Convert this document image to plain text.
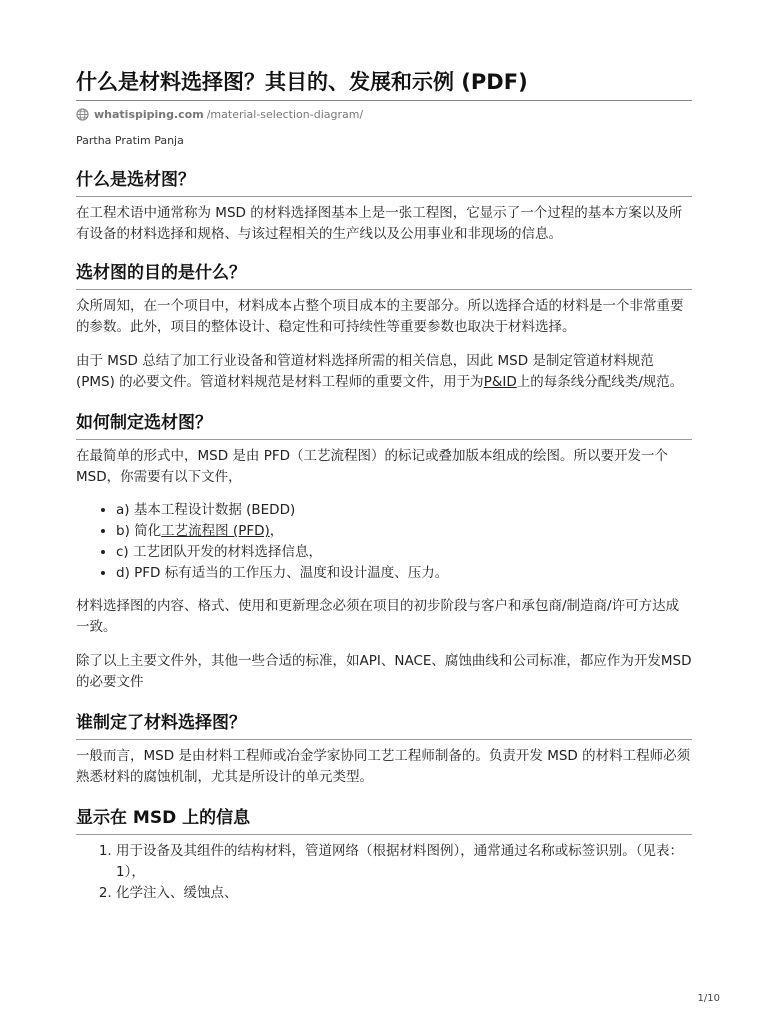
什么是材料选择图？其目的、发展和示例 (PDF)
whatispiping.com /material-selection-diagram/
Partha Pratim Panja
什么是选材图？

在工程术语中通常称为 MSD 的材料选择图基本上是一张工程图，它显示了一个过程的基本方案以及所有设备的材料选择和规格、与该过程相关的生产线以及公用事业和非现场的信息。

选材图的目的是什么？

众所周知，在一个项目中，材料成本占整个项目成本的主要部分。所以选择合适的材料是一个非常重要的参数。此外，项目的整体设计、稳定性和可持续性等重要参数也取决于材料选择。

由于 MSD 总结了加工行业设备和管道材料选择所需的相关信息，因此 MSD 是制定管道材料规范 (PMS) 的必要文件。管道材料规范是材料工程师的重要文件，用于为P&ID上的每条线分配线类/规范。

如何制定选材图？

在最简单的形式中，MSD 是由 PFD（工艺流程图）的标记或叠加版本组成的绘图。所以要开发一个 MSD，你需要有以下文件，

• a) 基本工程设计数据 (BEDD)
• b) 简化工艺流程图 (PFD)，
• c) 工艺团队开发的材料选择信息，
• d) PFD 标有适当的工作压力、温度和设计温度、压力。

材料选择图的内容、格式、使用和更新理念必须在项目的初步阶段与客户和承包商/制造商/许可方达成一致。

除了以上主要文件外，其他一些合适的标准，如API、NACE、腐蚀曲线和公司标准，都应作为开发MSD的必要文件

谁制定了材料选择图？

一般而言，MSD 是由材料工程师或冶金学家协同工艺工程师制备的。负责开发 MSD 的材料工程师必须熟悉材料的腐蚀机制，尤其是所设计的单元类型。

显示在 MSD 上的信息
1. 用于设备及其组件的结构材料，管道网络（根据材料图例），通常通过名称或标签识别。（见表：1），
2. 化学注入、缓蚀点、
1/10
